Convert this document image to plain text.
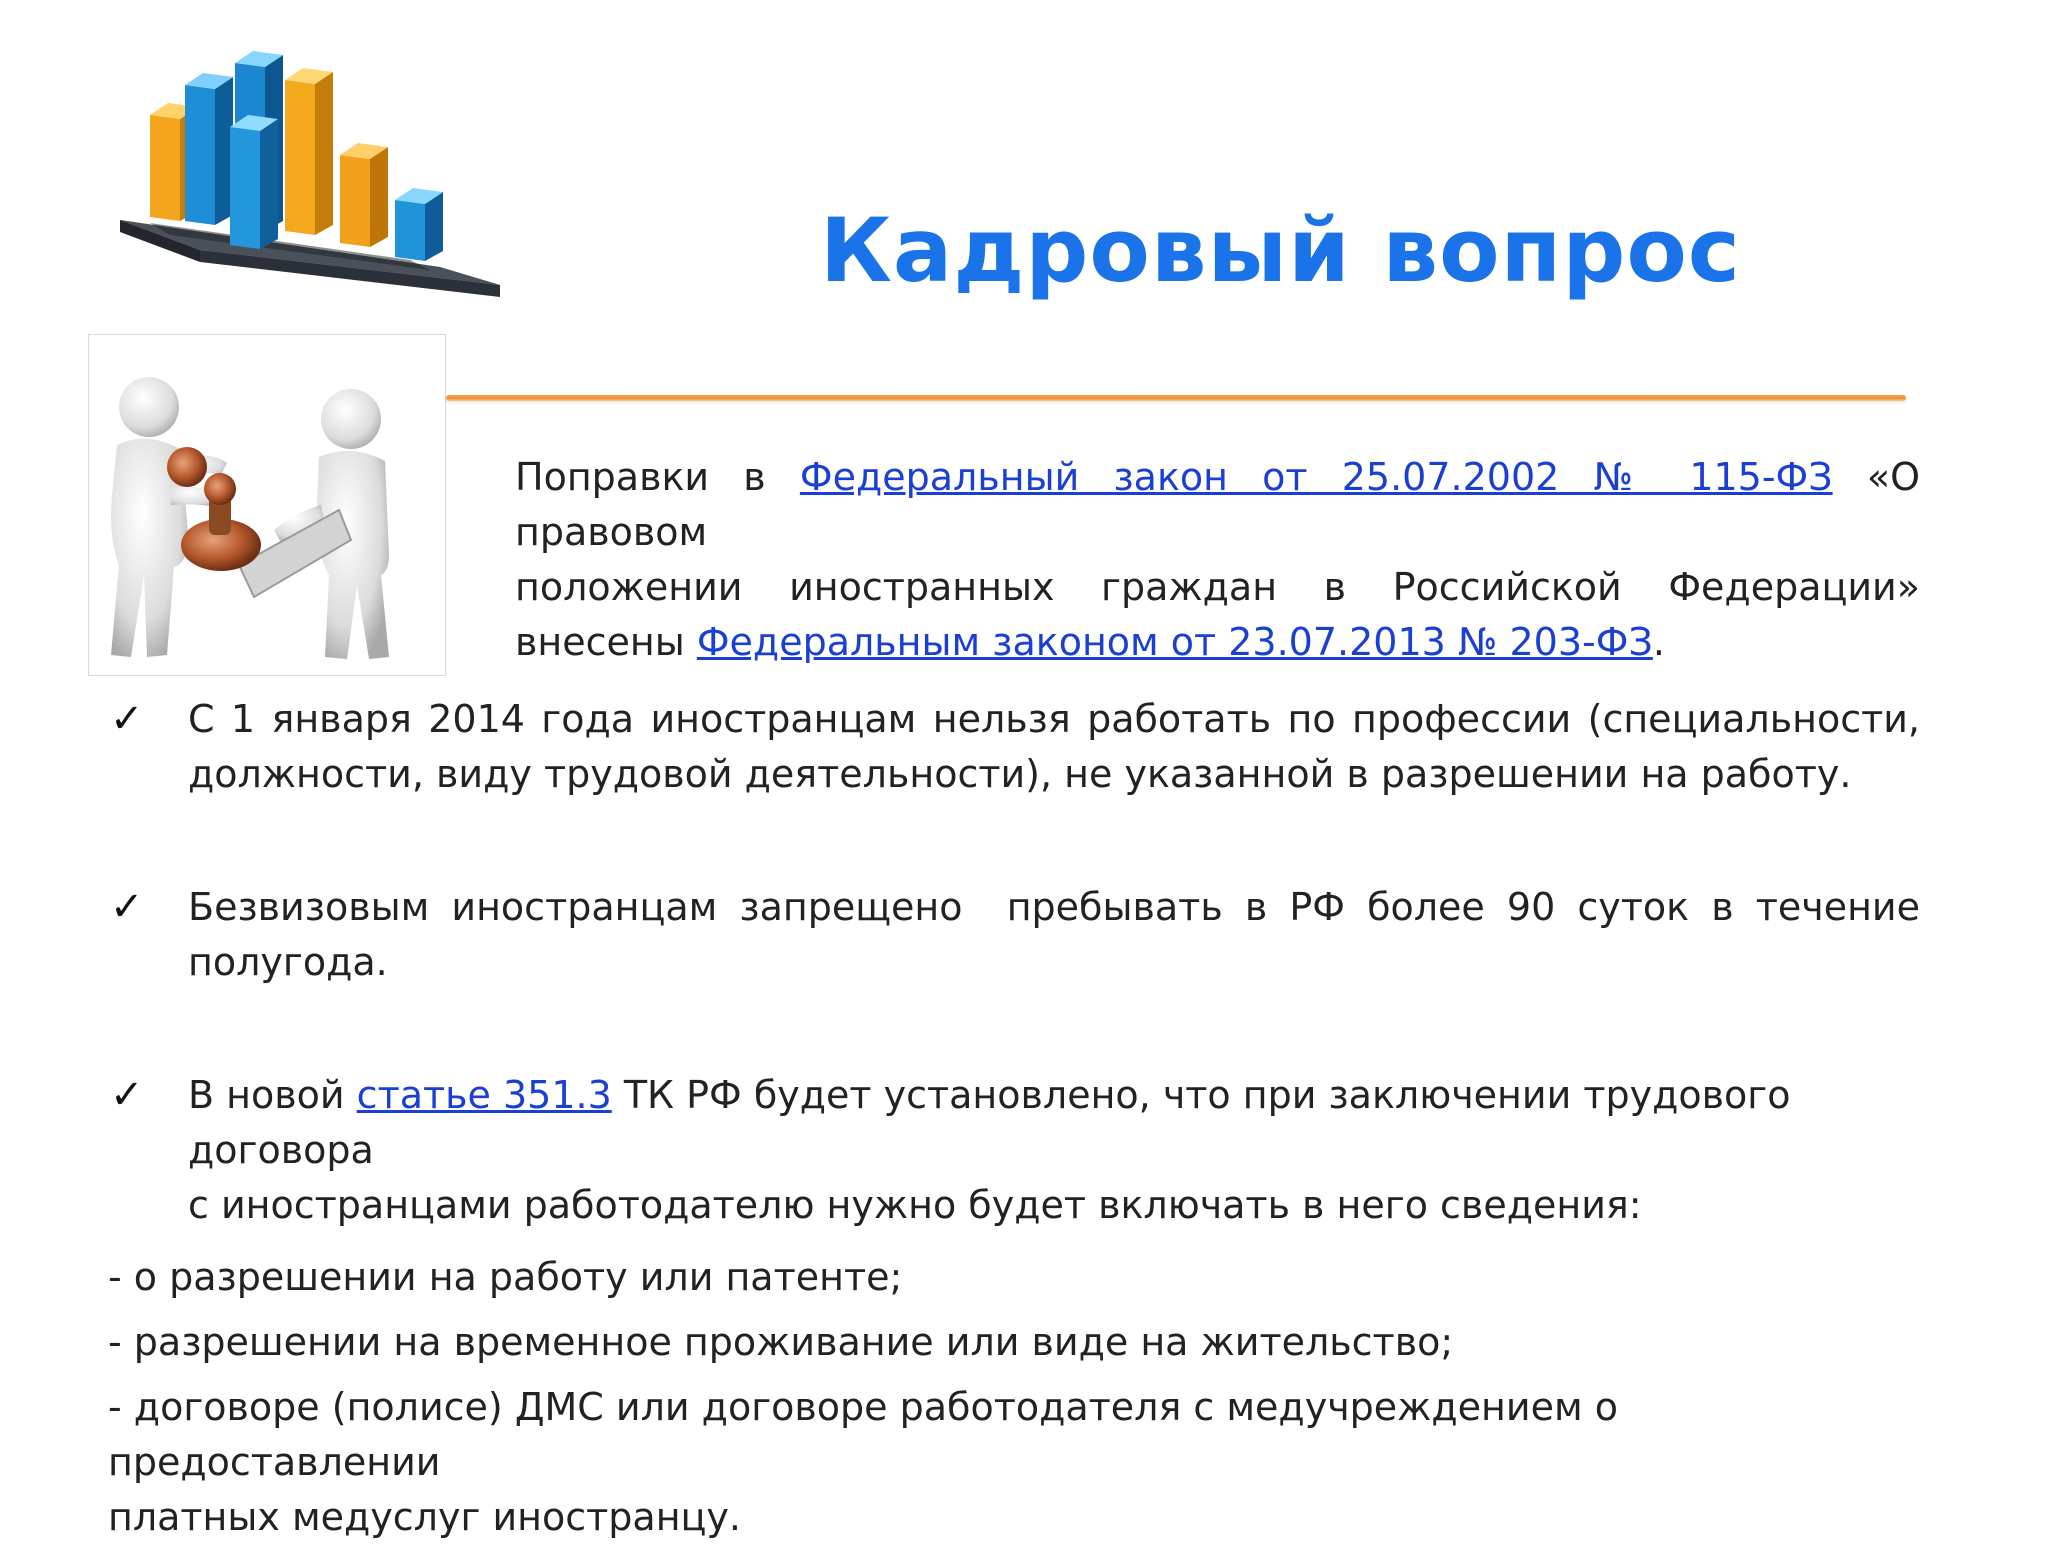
Кадровый вопрос
Поправки в Федеральный закон от 25.07.2002 № 115-ФЗ «О правовом
положении иностранных граждан в Российской Федерации»
внесены Федеральным законом от 23.07.2013 № 203-ФЗ.
✓ С 1 января 2014 года иностранцам нельзя работать по профессии (специальности,
должности, виду трудовой деятельности), не указанной в разрешении на работу.
✓ Безвизовым иностранцам запрещено  пребывать в РФ более 90 суток в течение
полугода.
✓ В новой статье 351.3 ТК РФ будет установлено, что при заключении трудового договора
с иностранцами работодателю нужно будет включать в него сведения:
- о разрешении на работу или патенте;
- разрешении на временное проживание или виде на жительство;
- договоре (полисе) ДМС или договоре работодателя с медучреждением о предоставлении
платных медуслуг иностранцу.
